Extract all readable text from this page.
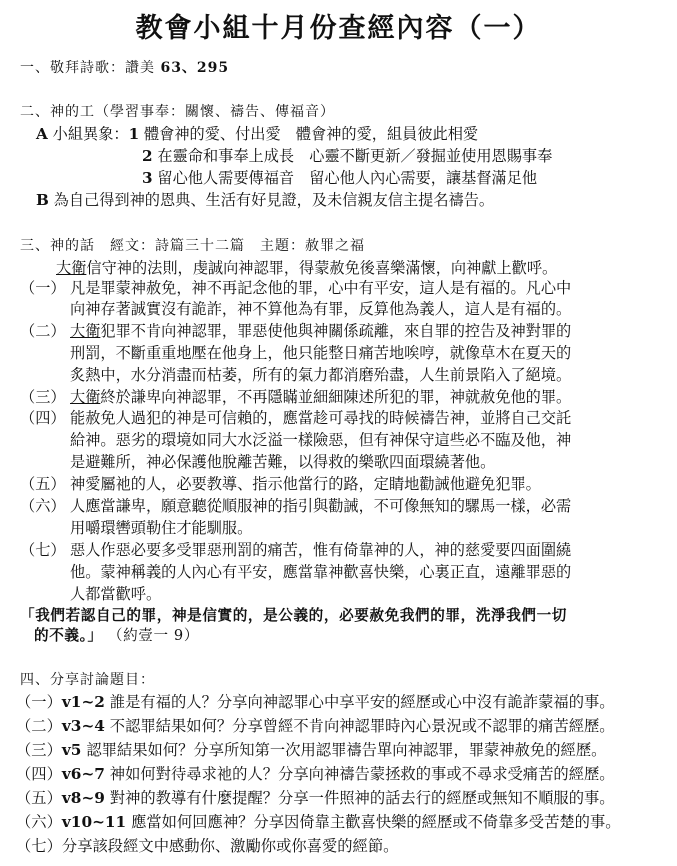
教會小組十月份查經內容（一）
一、敬拜詩歌：讚美 63、295
二、神的工（學習事奉：關懷、禱告、傳福音）
A 小組異象：1 體會神的愛、付出愛　體會神的愛，組員彼此相愛
2 在靈命和事奉上成長　心靈不斷更新／發掘並使用恩賜事奉
3 留心他人需要傳福音　留心他人內心需要，讓基督滿足他
B 為自己得到神的恩典、生活有好見證，及未信親友信主提名禱告。
三、神的話　經文：詩篇三十二篇　主題：赦罪之福
大衛信守神的法則，虔誠向神認罪，得蒙赦免後喜樂滿懷，向神獻上歡呼。
（一） 凡是罪蒙神赦免，神不再記念他的罪，心中有平安，這人是有福的。凡心中
向神存著誠實沒有詭詐，神不算他為有罪，反算他為義人，這人是有福的。
（二） 大衛犯罪不肯向神認罪，罪惡使他與神關係疏離，來自罪的控告及神對罪的
刑罰，不斷重重地壓在他身上，他只能整日痛苦地唉哼，就像草木在夏天的
炙熱中，水分消盡而枯萎，所有的氣力都消磨殆盡，人生前景陷入了絕境。
（三） 大衛終於謙卑向神認罪，不再隱瞞並細細陳述所犯的罪，神就赦免他的罪。
（四） 能赦免人過犯的神是可信賴的，應當趁可尋找的時候禱告神，並將自己交託
給神。惡劣的環境如同大水泛溢一樣險惡，但有神保守這些必不臨及他，神
是避難所，神必保護他脫離苦難，以得救的樂歌四面環繞著他。
（五） 神愛屬祂的人，必要教導、指示他當行的路，定睛地勸誡他避免犯罪。
（六） 人應當謙卑，願意聽從順服神的指引與勸誡，不可像無知的騾馬一樣，必需
用嚼環轡頭勒住才能馴服。
（七） 惡人作惡必要多受罪惡刑罰的痛苦，惟有倚靠神的人，神的慈愛要四面圍繞
他。蒙神稱義的人內心有平安，應當靠神歡喜快樂，心裏正直，遠離罪惡的
人都當歡呼。
「我們若認自己的罪，神是信實的，是公義的，必要赦免我們的罪，洗淨我們一切
的不義。」 （約壹一 9）
四、分享討論題目：
（一）v1~2 誰是有福的人？分享向神認罪心中享平安的經歷或心中沒有詭詐蒙福的事。
（二）v3~4 不認罪結果如何？分享曾經不肯向神認罪時內心景況或不認罪的痛苦經歷。
（三）v5 認罪結果如何？分享所知第一次用認罪禱告單向神認罪，罪蒙神赦免的經歷。
（四）v6~7 神如何對待尋求祂的人？分享向神禱告蒙拯救的事或不尋求受痛苦的經歷。
（五）v8~9 對神的教導有什麼提醒？分享一件照神的話去行的經歷或無知不順服的事。
（六）v10~11 應當如何回應神？分享因倚靠主歡喜快樂的經歷或不倚靠多受苦楚的事。
（七）分享該段經文中感動你、激勵你或你喜愛的經節。
